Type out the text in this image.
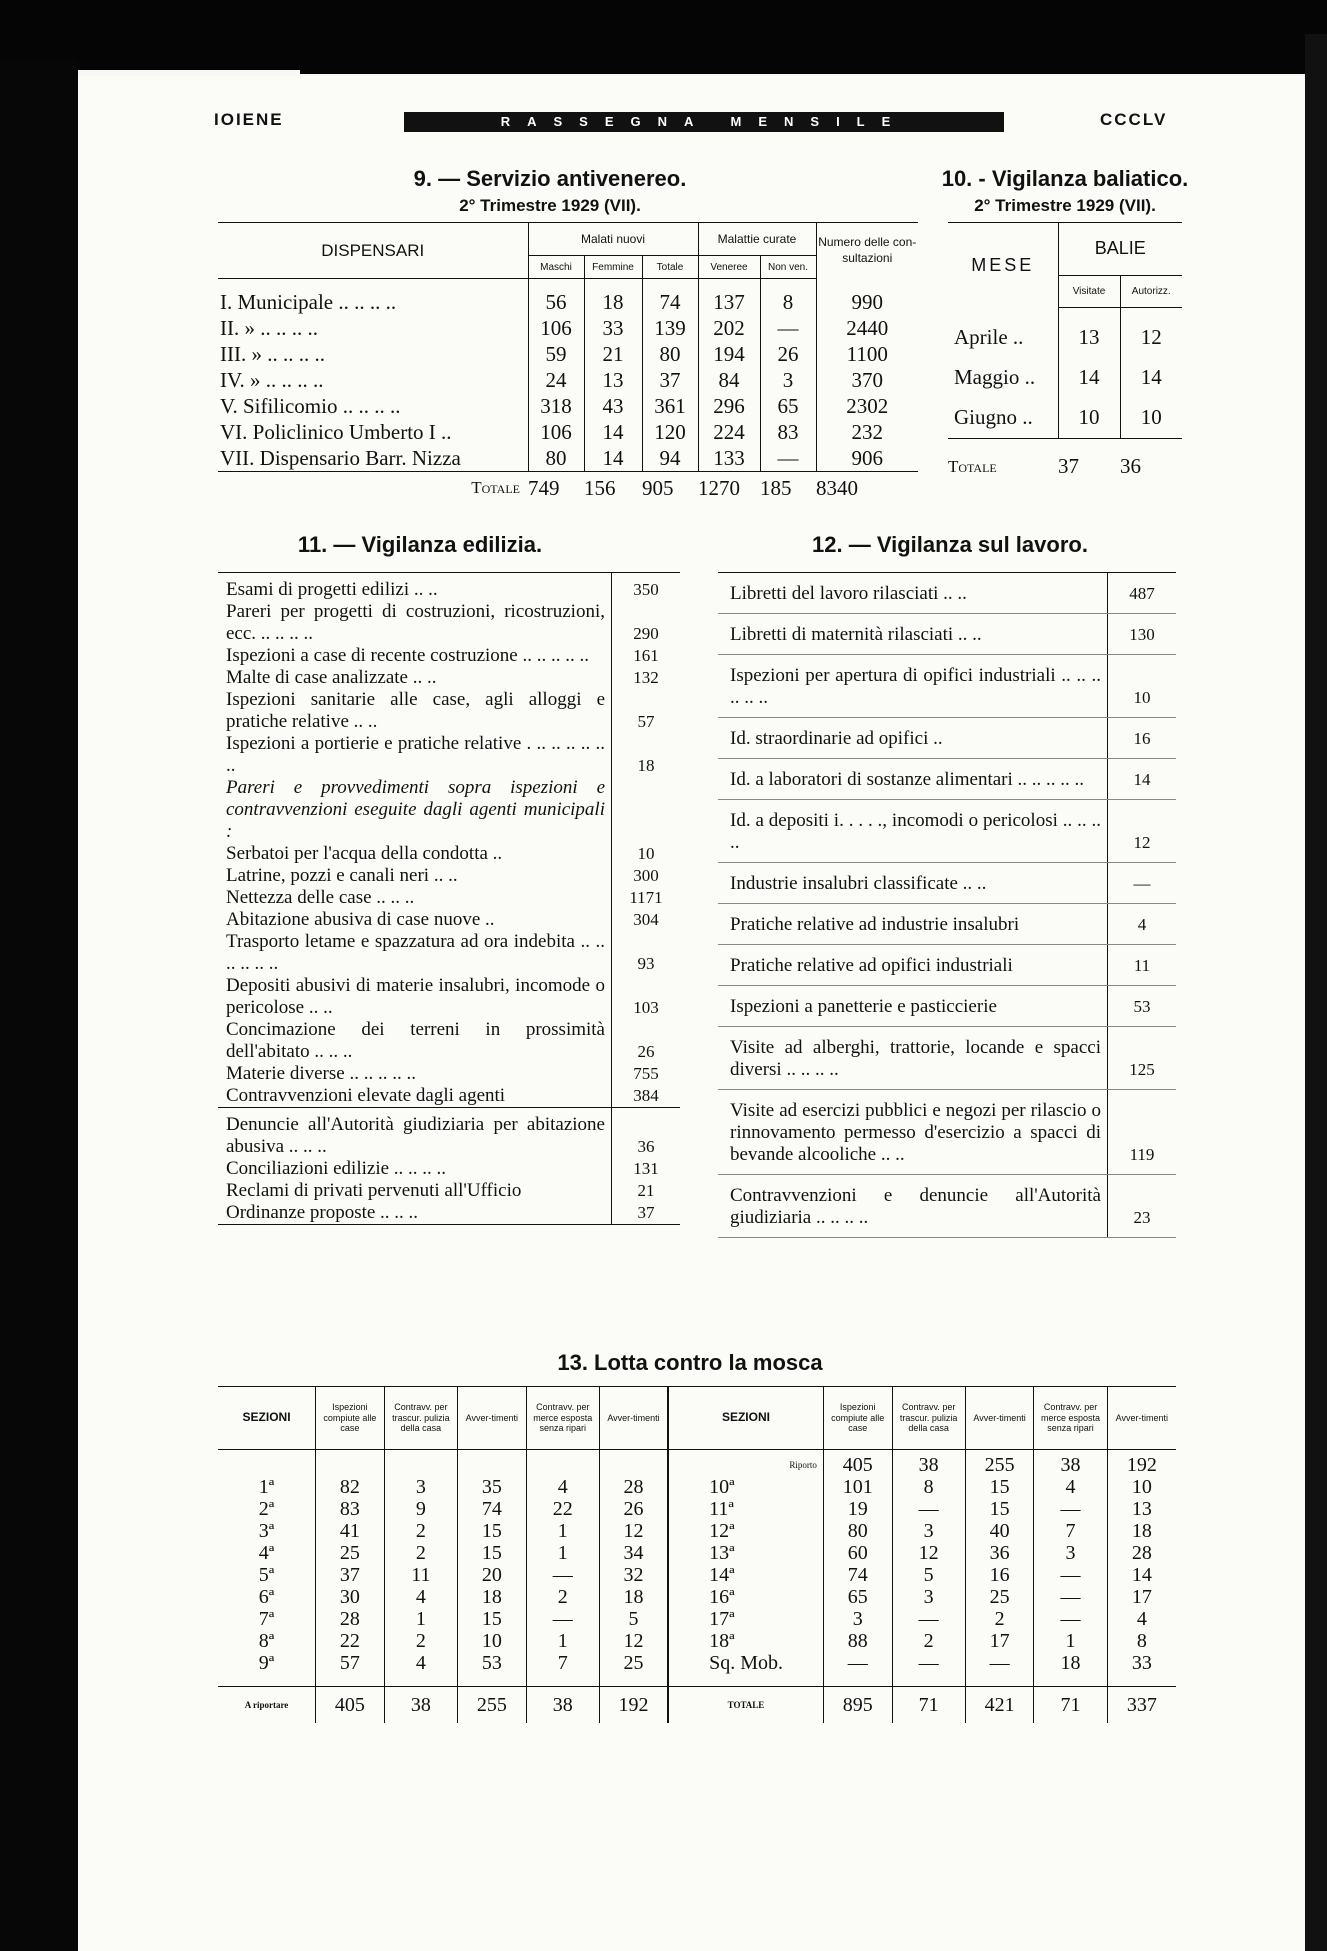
IOIENE	RASSEGNA MENSILE	CCCLV
9. — Servizio antivenereo.
2° Trimestre 1929 (VII).
10. - Vigilanza baliatico.
2° Trimestre 1929 (VII).
DISPENSARI	Malati nuovi			Malattie curate		Numero delle con-sultazioni
	Maschi	Femmine	Totale	Veneree	Non ven.	
I. Municipale .. .. .. ..	56	18	74	137	8	990
II. » .. .. .. ..	106	33	139	202	—	2440
III. » .. .. .. ..	59	21	80	194	26	1100
IV. » .. .. .. ..	24	13	37	84	3	370
V. Sifilicomio .. .. .. ..	318	43	361	296	65	2302
VI. Policlinico Umberto I ..	106	14	120	224	83	232
VII. Dispensario Barr. Nizza	80	14	94	133	—	906
Totale	749	156	905	1270	185	8340
MESE	BALIE	
	Visitate	Autorizz.

Aprile ..	13	12
Maggio ..	14	14
Giugno ..	10	10
Totale	37	36
11. — Vigilanza edilizia.	12. — Vigilanza sul lavoro.
Esami di progetti edilizi .. ..	350
Pareri per progetti di costruzioni, ricostruzioni, ecc. .. .. .. ..	290
Ispezioni a case di recente costruzione .. .. .. .. ..	161
Malte di case analizzate .. ..	132
Ispezioni sanitarie alle case, agli alloggi e pratiche relative .. ..	57
Ispezioni a portierie e pratiche relative . .. .. .. .. .. ..	18
Pareri e provvedimenti sopra ispezioni e contravvenzioni eseguite dagli agenti municipali :	
Serbatoi per l'acqua della condotta ..	10
Latrine, pozzi e canali neri .. ..	300
Nettezza delle case .. .. ..	1171
Abitazione abusiva di case nuove ..	304
Trasporto letame e spazzatura ad ora indebita .. .. .. .. .. ..	93
Depositi abusivi di materie insalubri, incomode o pericolose .. ..	103
Concimazione dei terreni in prossimità dell'abitato .. .. ..	26
Materie diverse .. .. .. .. ..	755
Contravvenzioni elevate dagli agenti	384
Denuncie all'Autorità giudiziaria per abitazione abusiva .. .. ..	36
Conciliazioni edilizie .. .. .. ..	131
Reclami di privati pervenuti all'Ufficio	21
Ordinanze proposte .. .. ..	37
Libretti del lavoro rilasciati .. ..	487
Libretti di maternità rilasciati .. ..	130
Ispezioni per apertura di opifici industriali .. .. .. .. .. ..	10
Id. straordinarie ad opifici ..	16
Id. a laboratori di sostanze alimentari .. .. .. .. ..	14
Id. a depositi i. . . . ., incomodi o pericolosi .. .. .. ..	12
Industrie insalubri classificate .. ..	—
Pratiche relative ad industrie insalubri	4
Pratiche relative ad opifici industriali	11
Ispezioni a panetterie e pasticcierie	53
Visite ad alberghi, trattorie, locande e spacci diversi .. .. .. ..	125
Visite ad esercizi pubblici e negozi per rilascio o rinnovamento permesso d'esercizio a spacci di bevande alcooliche .. ..	119
Contravvenzioni e denuncie all'Autorità giudiziaria .. .. .. ..	23
13. Lotta contro la mosca
SEZIONI	Ispezioni compiute alle case	Contravv. per trascur. pulizia della casa	Avver-timenti	Contravv. per merce esposta senza ripari	Avver-timenti	SEZIONI	Ispezioni compiute alle case	Contravv. per trascur. pulizia della casa	Avver-timenti	Contravv. per merce esposta senza ripari	Avver-timenti
						Riporto	405	38	255	38	192
1ª	82	3	35	4	28	10ª	101	8	15	4	10
2ª	83	9	74	22	26	11ª	19	—	15	—	13
3ª	41	2	15	1	12	12ª	80	3	40	7	18
4ª	25	2	15	1	34	13ª	60	12	36	3	28
5ª	37	11	20	—	32	14ª	74	5	16	—	14
6ª	30	4	18	2	18	16ª	65	3	25	—	17
7ª	28	1	15	—	5	17ª	3	—	2	—	4
8ª	22	2	10	1	12	18ª	88	2	17	1	8
9ª	57	4	53	7	25	Sq. Mob.	—	—	—	18	33

A riportare	405	38	255	38	192	TOTALE	895	71	421	71	337
